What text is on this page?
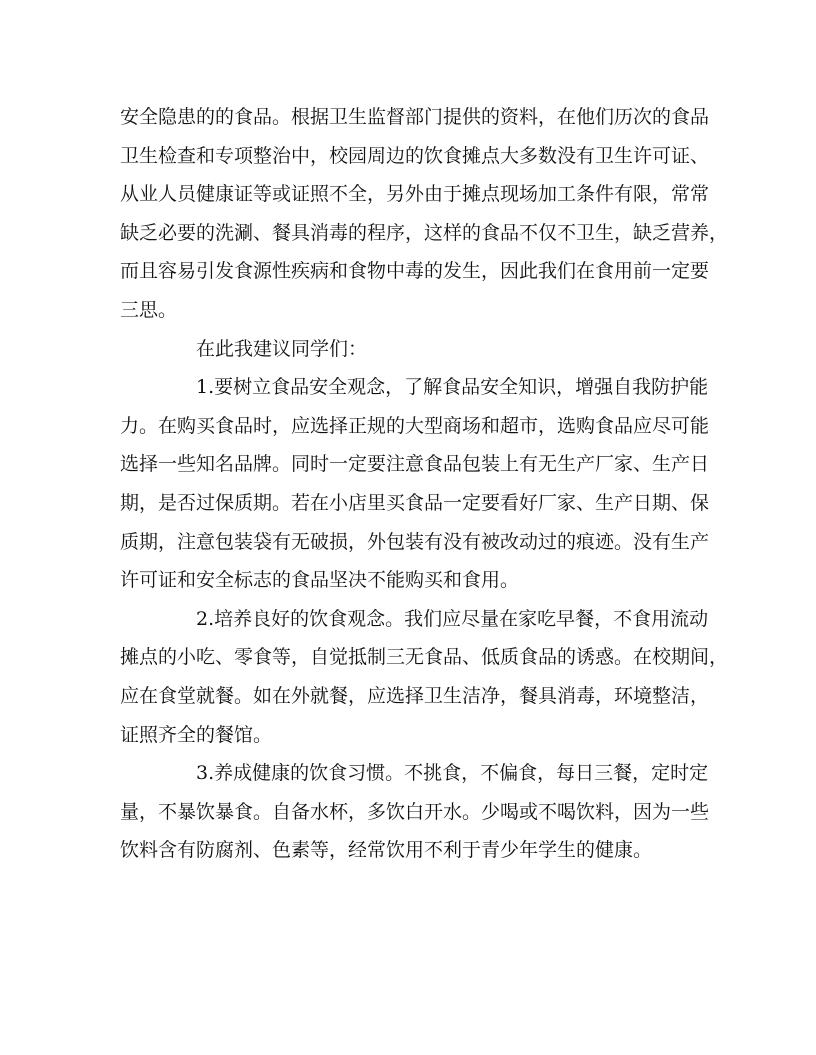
安全隐患的的食品。根据卫生监督部门提供的资料，在他们历次的食品

卫生检查和专项整治中，校园周边的饮食摊点大多数没有卫生许可证、

从业人员健康证等或证照不全，另外由于摊点现场加工条件有限，常常

缺乏必要的洗涮、餐具消毒的程序，这样的食品不仅不卫生，缺乏营养，

而且容易引发食源性疾病和食物中毒的发生，因此我们在食用前一定要

三思。

在此我建议同学们：

1.要树立食品安全观念，了解食品安全知识，增强自我防护能

力。在购买食品时，应选择正规的大型商场和超市，选购食品应尽可能

选择一些知名品牌。同时一定要注意食品包装上有无生产厂家、生产日

期，是否过保质期。若在小店里买食品一定要看好厂家、生产日期、保

质期，注意包装袋有无破损，外包装有没有被改动过的痕迹。没有生产

许可证和安全标志的食品坚决不能购买和食用。

2.培养良好的饮食观念。我们应尽量在家吃早餐，不食用流动

摊点的小吃、零食等，自觉抵制三无食品、低质食品的诱惑。在校期间，

应在食堂就餐。如在外就餐，应选择卫生洁净，餐具消毒，环境整洁，

证照齐全的餐馆。

3.养成健康的饮食习惯。不挑食，不偏食，每日三餐，定时定

量，不暴饮暴食。自备水杯，多饮白开水。少喝或不喝饮料，因为一些

饮料含有防腐剂、色素等，经常饮用不利于青少年学生的健康。
